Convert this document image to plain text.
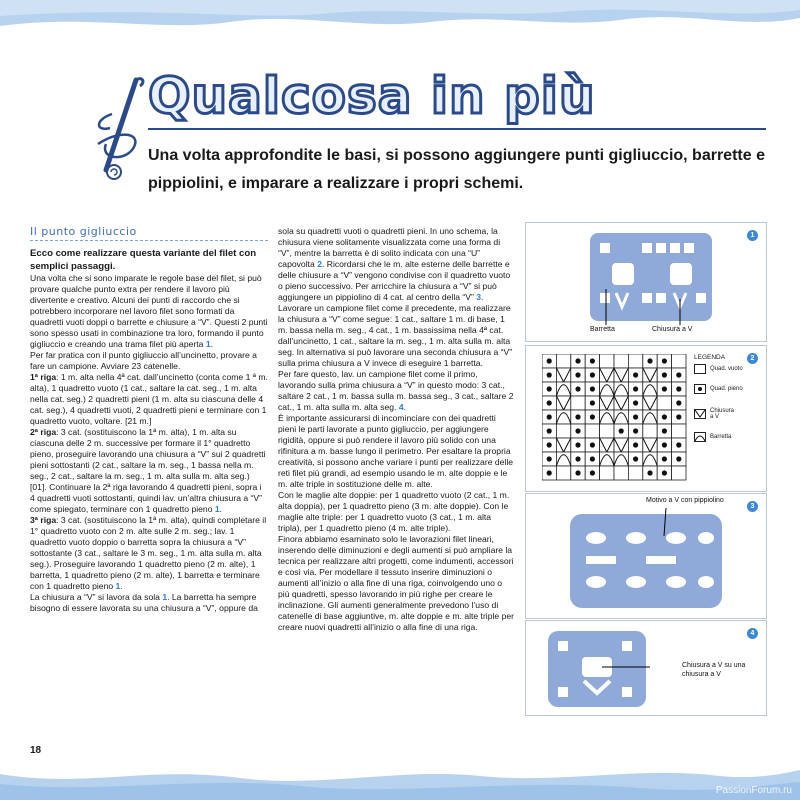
Qualcosa in più

Una volta approfondite le basi, si possono aggiungere punti gigliuccio, barrette e pippiolini, e imparare a realizzare i propri schemi.

Il punto gigliuccio

Ecco come realizzare questa variante del filet con semplici passaggi.

Una volta che si sono imparate le regole base del filet, si può provare qualche punto extra per rendere il lavoro più divertente e creativo. Alcuni dei punti di raccordo che si potrebbero incorporare nel lavoro filet sono formati da quadretti vuoti doppi o barrette e chiusure a “V”. Questi 2 punti sono spesso usati in combinazione tra loro, formando il punto gigliuccio e creando una trama filet più aperta 1.

Per far pratica con il punto gigliuccio all’uncinetto, provare a fare un campione. Avviare 23 catenelle.

1ª riga: 1 m. alta nella 4ª cat. dall’uncinetto (conta come 1 ª m. alta), 1 quadretto vuoto (1 cat., saltare la cat. seg., 1 m. alta nella cat. seg.) 2 quadretti pieni (1 m. alta su ciascuna delle 4 cat. seg.), 4 quadretti vuoti, 2 quadretti pieni e terminare con 1 quadretto vuoto, voltare. [21 m.]

2ª riga: 3 cat. (sostituiscono la 1ª m. alta), 1 m. alta su ciascuna delle 2 m. successive per formare il 1° quadretto pieno, proseguire lavorando una chiusura a “V” sui 2 quadretti pieni sottostanti (2 cat., saltare la m. seg., 1 bassa nella m. seg., 2 cat., saltare la m. seg., 1 m. alta sulla m. alta seg.) [01]. Continuare la 2ª riga lavorando 4 quadretti pieni, sopra i 4 quadretti vuoti sottostanti, quindi lav. un’altra chiusura a “V” come spiegato, terminare con 1 quadretto pieno 1.

3ª riga: 3 cat. (sostituiscono la 1ª m. alta), quindi completare il 1° quadretto vuoto con 2 m. alte sulle 2 m. seg.; lav. 1 quadretto vuoto doppio o barretta sopra la chiusura a “V” sottostante (3 cat., saltare le 3 m. seg., 1 m. alta sulla m. alta seg.). Proseguire lavorando 1 quadretto pieno (2 m. alte), 1 barretta, 1 quadretto pieno (2 m. alte), 1 barretta e terminare con 1 quadretto pieno 1.

La chiusura a “V” si lavora da sola 1. La barretta ha sempre bisogno di essere lavorata su una chiusura a “V”, oppure da

sola su quadretti vuoti o quadretti pieni. In uno schema, la chiusura viene solitamente visualizzata come una forma di “V”, mentre la barretta è di solito indicata con una “U” capovolta 2. Ricordarsi che le m. alte esterne delle barrette e delle chiusure a “V” vengono condivise con il quadretto vuoto o pieno successivo. Per arricchire la chiusura a “V” si può aggiungere un pippiolino di 4 cat. al centro della “V” 3.

Lavorare un campione filet come il precedente, ma realizzare la chiusura a “V” come segue: 1 cat., saltare 1 m. di base, 1 m. bassa nella m. seg., 4 cat., 1 m. bassissima nella 4ª cat. dall’uncinetto, 1 cat., saltare la m. seg., 1 m. alta sulla m. alta seg. In alternativa si può lavorare una seconda chiusura a “V” sulla prima chiusura a V invece di eseguire 1 barretta.

Per fare questo, lav. un campione filet come il primo, lavorando sulla prima chiusura a “V” in questo modo: 3 cat., saltare 2 cat., 1 m. bassa sulla m. bassa seg., 3 cat., saltare 2 cat., 1 m. alta sulla m. alta seg. 4.

È importante assicurarsi di incominciare con dei quadretti pieni le parti lavorate a punto gigliuccio, per aggiungere rigidità, oppure si può rendere il lavoro più solido con una rifinitura a m. basse lungo il perimetro. Per esaltare la propria creatività, si possono anche variare i punti per realizzare delle reti filet più grandi, ad esempio usando le m. alte doppie e le m. alte triple in sostituzione delle m. alte.

Con le maglie alte doppie: per 1 quadretto vuoto (2 cat., 1 m. alta doppia), per 1 quadretto pieno (3 m. alte doppie). Con le maglie alte triple: per 1 quadretto vuoto (3 cat., 1 m. alta tripla), per 1 quadretto pieno (4 m. alte triple).

Finora abbiamo esaminato solo le lavorazioni filet lineari, inserendo delle diminuzioni e degli aumenti si può ampliare la tecnica per realizzare altri progetti, come indumenti, accessori e così via. Per modellare il tessuto inserire diminuzioni o aumenti all’inizio o alla fine di una riga, coinvolgendo uno o più quadretti, spesso lavorando in più righe per creare le inclinazione. Gli aumenti generalmente prevedono l’uso di catenelle di base aggiuntive, m. alte doppie e m. alte triple per creare nuovi quadretti all’inizio o alla fine di una riga.

1
Barretta	Chiusura a V
2
LEGENDA
Quad. vuoto
Quad. pieno
Chiusura a V
Barretta
3
Motivo a V con pippiolino
4
Chiusura a V su una chiusura a V
18
PassionForum.ru
